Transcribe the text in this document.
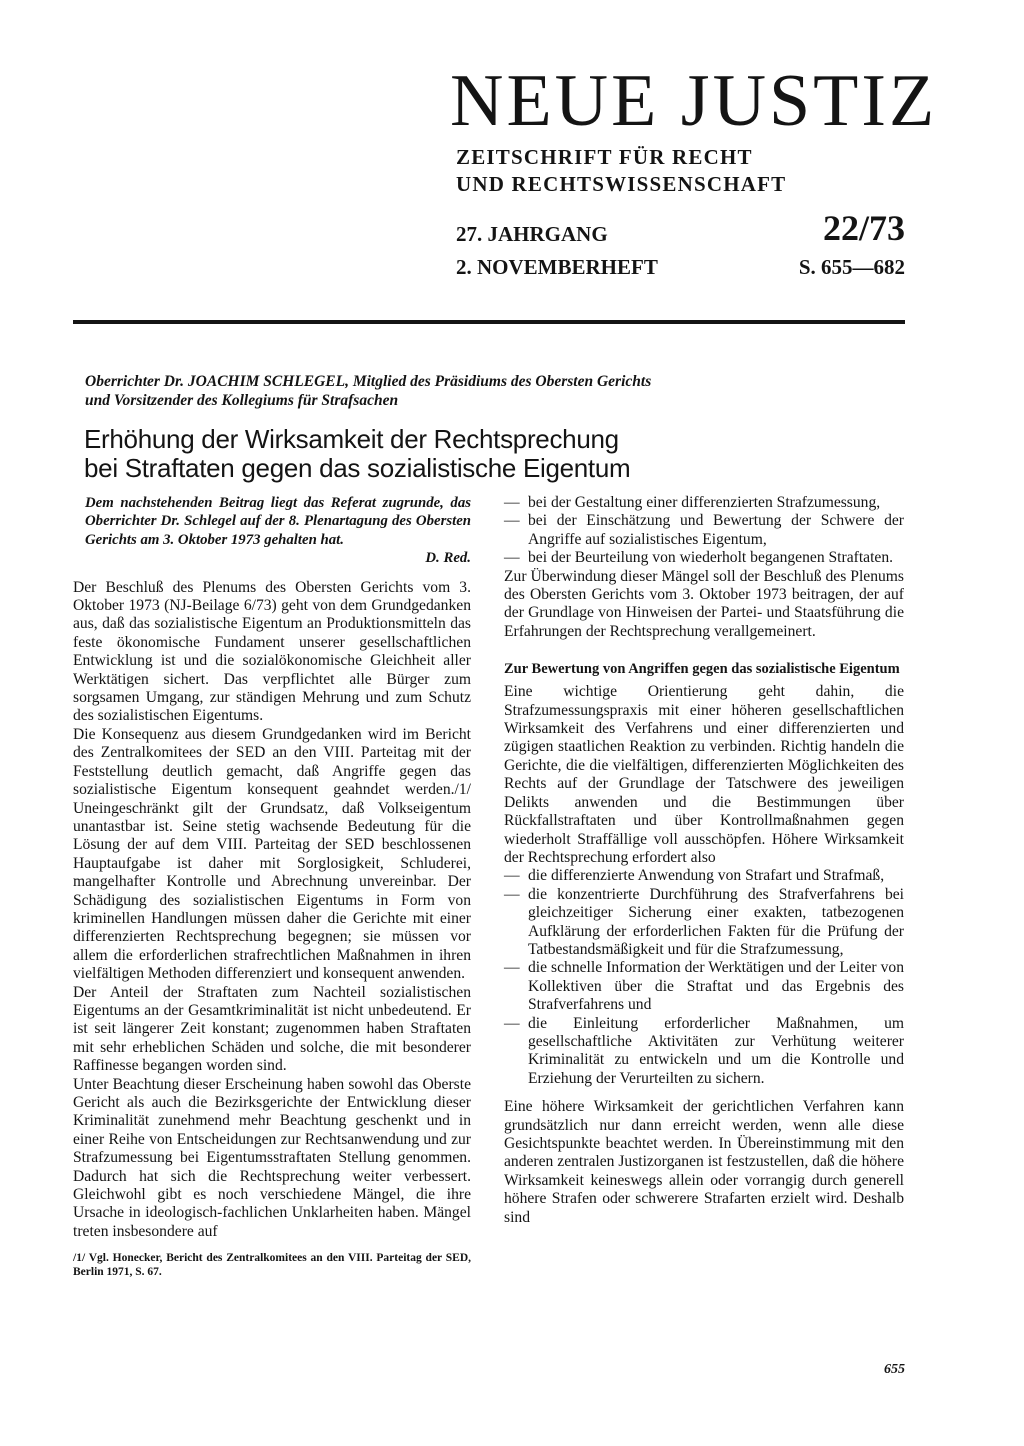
NEUE JUSTIZ
ZEITSCHRIFT FÜR RECHT
UND RECHTSWISSENSCHAFT
27. JAHRGANG
2. NOVEMBERHEFT
22/73
S. 655—682
Oberrichter Dr. JOACHIM SCHLEGEL, Mitglied des Präsidiums des Obersten Gerichts
und Vorsitzender des Kollegiums für Strafsachen
Erhöhung der Wirksamkeit der Rechtsprechung
bei Straftaten gegen das sozialistische Eigentum
Dem nachstehenden Beitrag liegt das Referat zugrunde, das Oberrichter Dr. Schlegel auf der 8. Plenartagung des Obersten Gerichts am 3. Oktober 1973 gehalten hat.
D. Red.

Der Beschluß des Plenums des Obersten Gerichts vom 3. Oktober 1973 (NJ-Beilage 6/73) geht von dem Grundgedanken aus, daß das sozialistische Eigentum an Produktionsmitteln das feste ökonomische Fundament unserer gesellschaftlichen Entwicklung ist und die sozialökonomische Gleichheit aller Werktätigen sichert. Das verpflichtet alle Bürger zum sorgsamen Umgang, zur ständigen Mehrung und zum Schutz des sozialistischen Eigentums.

Die Konsequenz aus diesem Grundgedanken wird im Bericht des Zentralkomitees der SED an den VIII. Parteitag mit der Feststellung deutlich gemacht, daß Angriffe gegen das sozialistische Eigentum konsequent geahndet werden./1/ Uneingeschränkt gilt der Grundsatz, daß Volkseigentum unantastbar ist. Seine stetig wachsende Bedeutung für die Lösung der auf dem VIII. Parteitag der SED beschlossenen Hauptaufgabe ist daher mit Sorglosigkeit, Schluderei, mangelhafter Kontrolle und Abrechnung unvereinbar. Der Schädigung des sozialistischen Eigentums in Form von kriminellen Handlungen müssen daher die Gerichte mit einer differenzierten Rechtsprechung begegnen; sie müssen vor allem die erforderlichen strafrechtlichen Maßnahmen in ihren vielfältigen Methoden differenziert und konsequent anwenden.

Der Anteil der Straftaten zum Nachteil sozialistischen Eigentums an der Gesamtkriminalität ist nicht unbedeutend. Er ist seit längerer Zeit konstant; zugenommen haben Straftaten mit sehr erheblichen Schäden und solche, die mit besonderer Raffinesse begangen worden sind.

Unter Beachtung dieser Erscheinung haben sowohl das Oberste Gericht als auch die Bezirksgerichte der Entwicklung dieser Kriminalität zunehmend mehr Beachtung geschenkt und in einer Reihe von Entscheidungen zur Rechtsanwendung und zur Strafzumessung bei Eigentumsstraftaten Stellung genommen. Dadurch hat sich die Rechtsprechung weiter verbessert. Gleichwohl gibt es noch verschiedene Mängel, die ihre Ursache in ideologisch-fachlichen Unklarheiten haben. Mängel treten insbesondere auf

/1/ Vgl. Honecker, Bericht des Zentralkomitees an den VIII. Parteitag der SED, Berlin 1971, S. 67.

— bei der Gestaltung einer differenzierten Strafzumessung,
— bei der Einschätzung und Bewertung der Schwere der Angriffe auf sozialistisches Eigentum,
— bei der Beurteilung von wiederholt begangenen Straftaten.

Zur Überwindung dieser Mängel soll der Beschluß des Plenums des Obersten Gerichts vom 3. Oktober 1973 beitragen, der auf der Grundlage von Hinweisen der Partei- und Staatsführung die Erfahrungen der Rechtsprechung verallgemeinert.

Zur Bewertung von Angriffen gegen das sozialistische Eigentum

Eine wichtige Orientierung geht dahin, die Strafzumessungspraxis mit einer höheren gesellschaftlichen Wirksamkeit des Verfahrens und einer differenzierten und zügigen staatlichen Reaktion zu verbinden. Richtig handeln die Gerichte, die die vielfältigen, differenzierten Möglichkeiten des Rechts auf der Grundlage der Tatschwere des jeweiligen Delikts anwenden und die Bestimmungen über Rückfallstraftaten und über Kontrollmaßnahmen gegen wiederholt Straffällige voll ausschöpfen. Höhere Wirksamkeit der Rechtsprechung erfordert also

— die differenzierte Anwendung von Strafart und Strafmaß,
— die konzentrierte Durchführung des Strafverfahrens bei gleichzeitiger Sicherung einer exakten, tatbezogenen Aufklärung der erforderlichen Fakten für die Prüfung der Tatbestandsmäßigkeit und für die Strafzumessung,
— die schnelle Information der Werktätigen und der Leiter von Kollektiven über die Straftat und das Ergebnis des Strafverfahrens und
— die Einleitung erforderlicher Maßnahmen, um gesellschaftliche Aktivitäten zur Verhütung weiterer Kriminalität zu entwickeln und um die Kontrolle und Erziehung der Verurteilten zu sichern.

Eine höhere Wirksamkeit der gerichtlichen Verfahren kann grundsätzlich nur dann erreicht werden, wenn alle diese Gesichtspunkte beachtet werden. In Übereinstimmung mit den anderen zentralen Justizorganen ist festzustellen, daß die höhere Wirksamkeit keineswegs allein oder vorrangig durch generell höhere Strafen oder schwerere Strafarten erzielt wird. Deshalb sind

655
